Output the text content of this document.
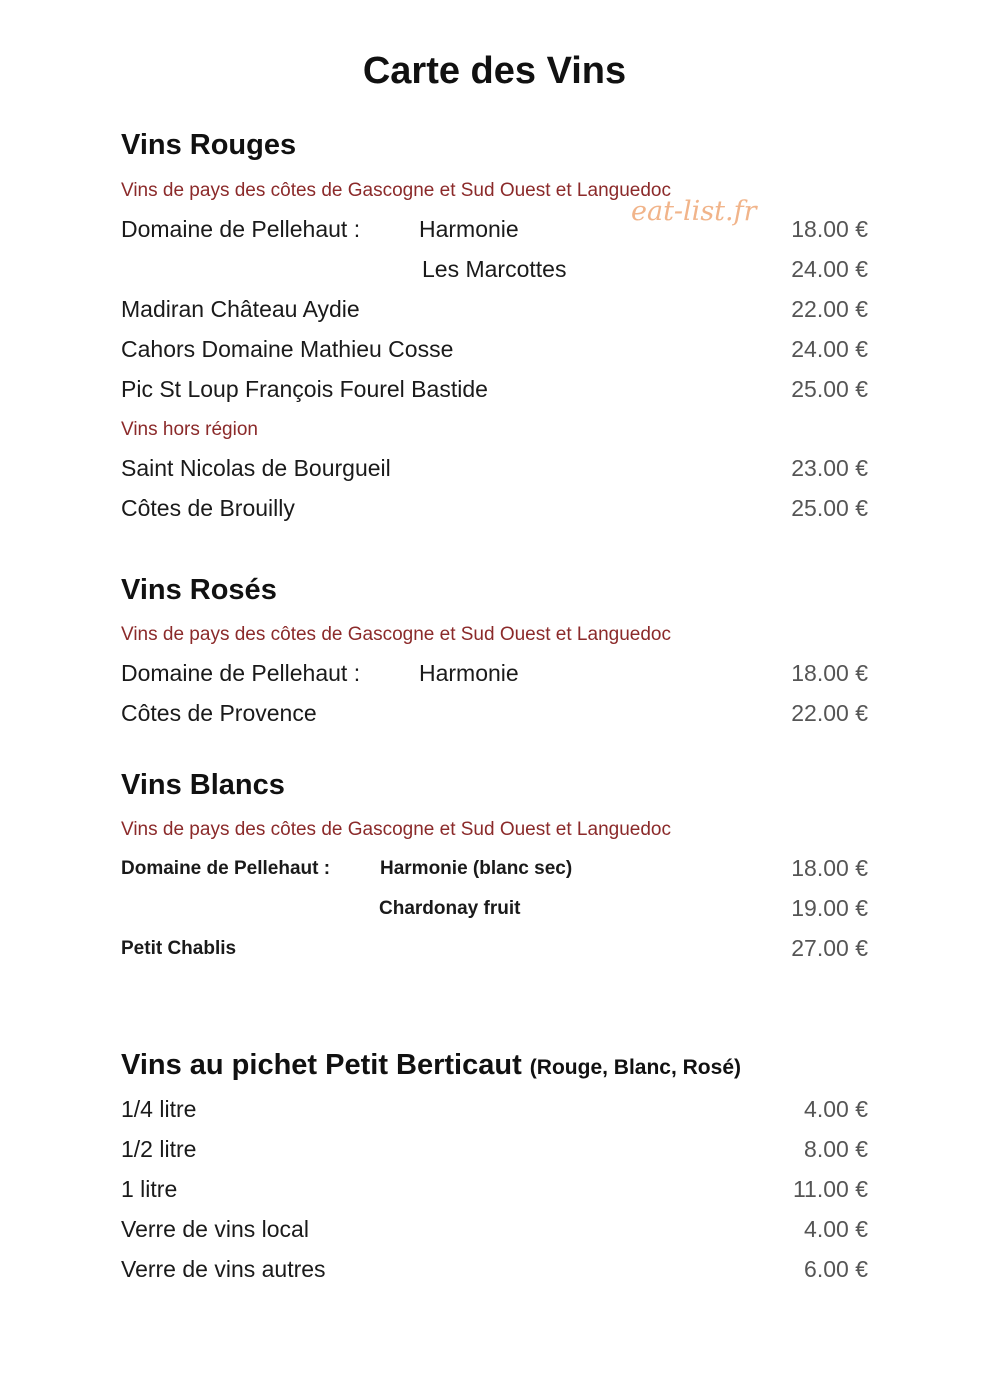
Carte des Vins
eat-list.fr
Vins Rouges
Vins de pays des côtes de Gascogne et Sud Ouest et Languedoc
Domaine de Pellehaut :	Harmonie	18.00 €
Les Marcottes	24.00 €
Madiran Château Aydie	22.00 €
Cahors Domaine Mathieu Cosse	24.00 €
Pic St Loup François Fourel Bastide	25.00 €
Vins hors région
Saint Nicolas de Bourgueil	23.00 €
Côtes de Brouilly	25.00 €
Vins Rosés
Vins de pays des côtes de Gascogne et Sud Ouest et Languedoc
Domaine de Pellehaut :	Harmonie	18.00 €
Côtes de Provence	22.00 €
Vins Blancs
Vins de pays des côtes de Gascogne et Sud Ouest et Languedoc
Domaine de Pellehaut :	Harmonie (blanc sec)	18.00 €
Chardonay fruit	19.00 €
Petit Chablis	27.00 €
Vins au pichet Petit Berticaut (Rouge, Blanc, Rosé)
1/4 litre	4.00 €
1/2 litre	8.00 €
1 litre	11.00 €
Verre de vins local	4.00 €
Verre de vins autres	6.00 €
